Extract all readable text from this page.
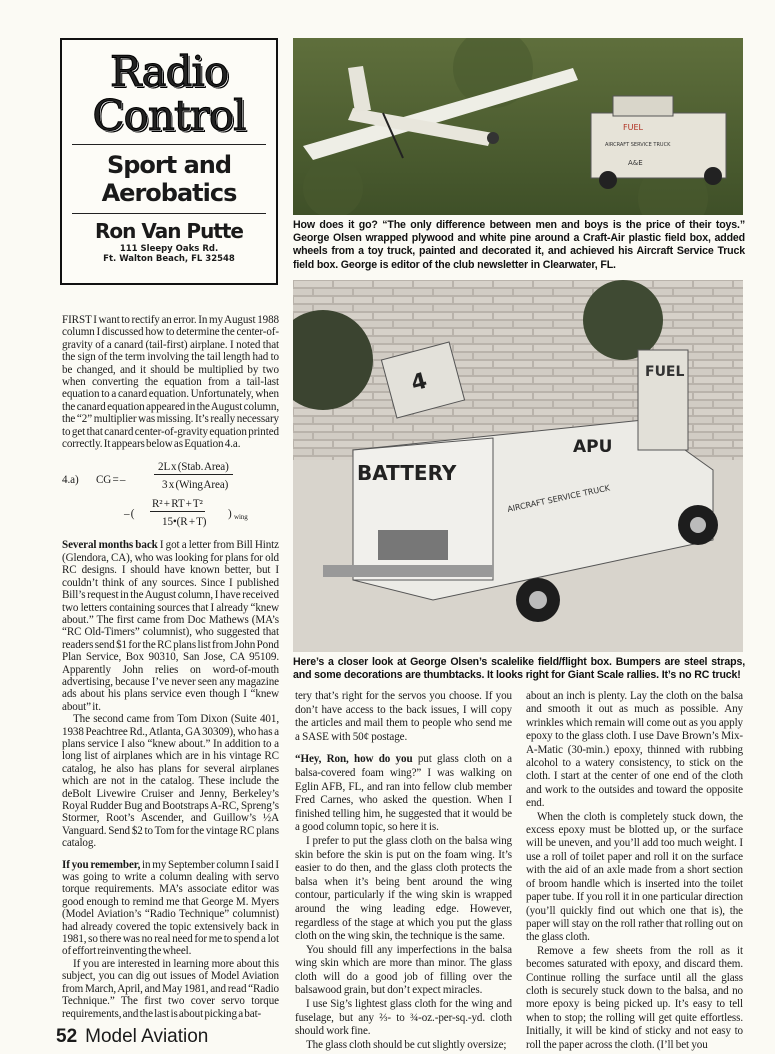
Radio
Control
Sport and
Aerobatics
Ron Van Putte
111 Sleepy Oaks Rd.
Ft. Walton Beach, FL 32548
FUEL
AIRCRAFT SERVICE TRUCK
A&E
How does it go? “The only difference between men and boys is the price of their toys.” George Olsen wrapped plywood and white pine around a Craft-Air plastic field box, added wheels from a toy truck, painted and decorated it, and achieved his Aircraft Service Truck field box. George is editor of the club newsletter in Clearwater, FL.
4	FUEL
BATTERY
APU
AIRCRAFT SERVICE TRUCK
Here’s a closer look at George Olsen’s scalelike field/flight box. Bumpers are steel straps, and some decorations are thumbtacks. It looks right for Giant Scale rallies. It’s no RC truck!

FIRST I want to rectify an error. In my August 1988 column I discussed how to determine the center-of-gravity of a canard (tail-first) airplane. I noted that the sign of the term involving the tail length had to be changed, and it should be multiplied by two when converting the equation from a tail-last equation to a canard equation. Unfortunately, when the canard equation appeared in the August column, the “2” multiplier was missing. It’s really necessary to get that canard center-of-gravity equation printed correctly. It appears below as Equation 4.a.

4.a) CG = –
2L x (Stab. Area)
3 x (Wing Area)
– (
R² + RT + T²
15•(R + T)
) wing

Several months back I got a letter from Bill Hintz (Glendora, CA), who was looking for plans for old RC designs. I should have known better, but I couldn’t think of any sources. Since I published Bill’s request in the August column, I have received two letters containing sources that I already “knew about.” The first came from Doc Mathews (MA’s “RC Old-Timers” columnist), who suggested that readers send $1 for the RC plans list from John Pond Plan Service, Box 90310, San Jose, CA 95109. Apparently John relies on word-of-mouth advertising, because I’ve never seen any magazine ads about his plans service even though I “knew about” it.

The second came from Tom Dixon (Suite 401, 1938 Peachtree Rd., Atlanta, GA 30309), who has a plans service I also “knew about.” In addition to a long list of airplanes which are in his vintage RC catalog, he also has plans for several airplanes which are not in the catalog. These include the deBolt Livewire Cruiser and Jenny, Berkeley’s Royal Rudder Bug and Bootstraps A-RC, Spreng’s Stormer, Root’s Ascender, and Guillow’s ½A Vanguard. Send $2 to Tom for the vintage RC plans catalog.

If you remember, in my September column I said I was going to write a column dealing with servo torque requirements. MA’s associate editor was good enough to remind me that George M. Myers (Model Aviation’s “Radio Technique” columnist) had already covered the topic extensively back in 1981, so there was no real need for me to spend a lot of effort reinventing the wheel.

If you are interested in learning more about this subject, you can dig out issues of Model Aviation from March, April, and May 1981, and read “Radio Technique.” The first two cover servo torque requirements, and the last is about picking a bat-

tery that’s right for the servos you choose. If you don’t have access to the back issues, I will copy the articles and mail them to people who send me a SASE with 50¢ postage.

“Hey, Ron, how do you put glass cloth on a balsa-covered foam wing?” I was walking on Eglin AFB, FL, and ran into fellow club member Fred Carnes, who asked the question. When I finished telling him, he suggested that it would be a good column topic, so here it is.

I prefer to put the glass cloth on the balsa wing skin before the skin is put on the foam wing. It’s easier to do then, and the glass cloth protects the balsa when it’s being bent around the wing contour, particularly if the wing skin is wrapped around the wing leading edge. However, regardless of the stage at which you put the glass cloth on the wing skin, the technique is the same.

You should fill any imperfections in the balsa wing skin which are more than minor. The glass cloth will do a good job of filling over the balsawood grain, but don’t expect miracles.

I use Sig’s lightest glass cloth for the wing and fuselage, but any ⅔- to ¾-oz.-per-sq.-yd. cloth should work fine.

The glass cloth should be cut slightly oversize;

about an inch is plenty. Lay the cloth on the balsa and smooth it out as much as possible. Any wrinkles which remain will come out as you apply epoxy to the glass cloth. I use Dave Brown’s Mix-A-Matic (30-min.) epoxy, thinned with rubbing alcohol to a watery consistency, to stick on the cloth. I start at the center of one end of the cloth and work to the outsides and toward the opposite end.

When the cloth is completely stuck down, the excess epoxy must be blotted up, or the surface will be uneven, and you’ll add too much weight. I use a roll of toilet paper and roll it on the surface with the aid of an axle made from a short section of broom handle which is inserted into the toilet paper tube. If you roll it in one particular direction (you’ll quickly find out which one that is), the paper will stay on the roll rather that rolling out on the glass cloth.

Remove a few sheets from the roll as it becomes saturated with epoxy, and discard them. Continue rolling the surface until all the glass cloth is securely stuck down to the balsa, and no more epoxy is being picked up. It’s easy to tell when to stop; the rolling will get quite effortless. Initially, it will be kind of sticky and not easy to roll the paper across the cloth. (I’ll bet you

52 Model Aviation
